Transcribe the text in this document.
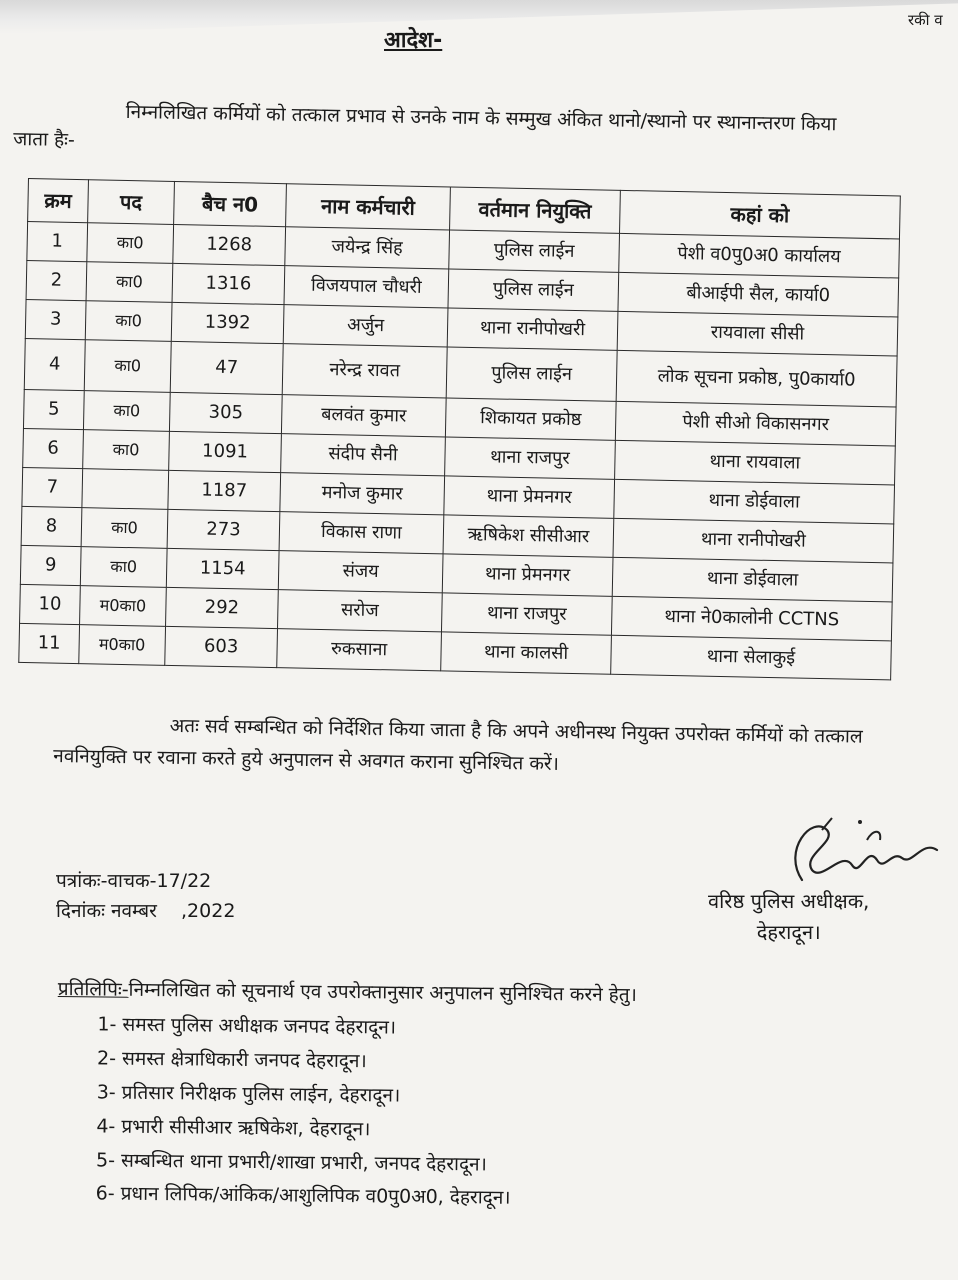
रकी व
आदेश-
निम्नलिखित कर्मियों को तत्काल प्रभाव से उनके नाम के सम्मुख अंकित थानो/स्थानो पर स्थानान्तरण किया जाता हैः-
क्रम	पद	बैच न0	नाम कर्मचारी	वर्तमान नियुक्ति	कहां को
1	का0	1268	जयेन्द्र सिंह	पुलिस लाईन	पेशी व0पु0अ0 कार्यालय
2	का0	1316	विजयपाल चौधरी	पुलिस लाईन	बीआईपी सैल, कार्या0
3	का0	1392	अर्जुन	थाना रानीपोखरी	रायवाला सीसी
4	का0	47	नरेन्द्र रावत	पुलिस लाईन	लोक सूचना प्रकोष्ठ, पु0कार्या0
5	का0	305	बलवंत कुमार	शिकायत प्रकोष्ठ	पेशी सीओ विकासनगर
6	का0	1091	संदीप सैनी	थाना राजपुर	थाना रायवाला
7		1187	मनोज कुमार	थाना प्रेमनगर	थाना डोईवाला
8	का0	273	विकास राणा	ऋषिकेश सीसीआर	थाना रानीपोखरी
9	का0	1154	संजय	थाना प्रेमनगर	थाना डोईवाला
10	म0का0	292	सरोज	थाना राजपुर	थाना ने0कालोनी CCTNS
11	म0का0	603	रुकसाना	थाना कालसी	थाना सेलाकुई
अतः सर्व सम्बन्धित को निर्देशित किया जाता है कि अपने अधीनस्थ नियुक्त उपरोक्त कर्मियों को तत्काल नवनियुक्ति पर रवाना करते हुये अनुपालन से अवगत कराना सुनिश्चित करें।
पत्रांकः-वाचक-17/22
दिनांकः नवम्बर    ,2022	वरिष्ठ पुलिस अधीक्षक,
देहरादून।
प्रतिलिपिः-निम्नलिखित को सूचनार्थ एव उपरोक्तानुसार अनुपालन सुनिश्चित करने हेतु।
1- समस्त पुलिस अधीक्षक जनपद देहरादून।
2- समस्त क्षेत्राधिकारी जनपद देहरादून।
3- प्रतिसार निरीक्षक पुलिस लाईन, देहरादून।
4- प्रभारी सीसीआर ऋषिकेश, देहरादून।
5- सम्बन्धित थाना प्रभारी/शाखा प्रभारी, जनपद देहरादून।
6- प्रधान लिपिक/आंकिक/आशुलिपिक व0पु0अ0, देहरादून।
